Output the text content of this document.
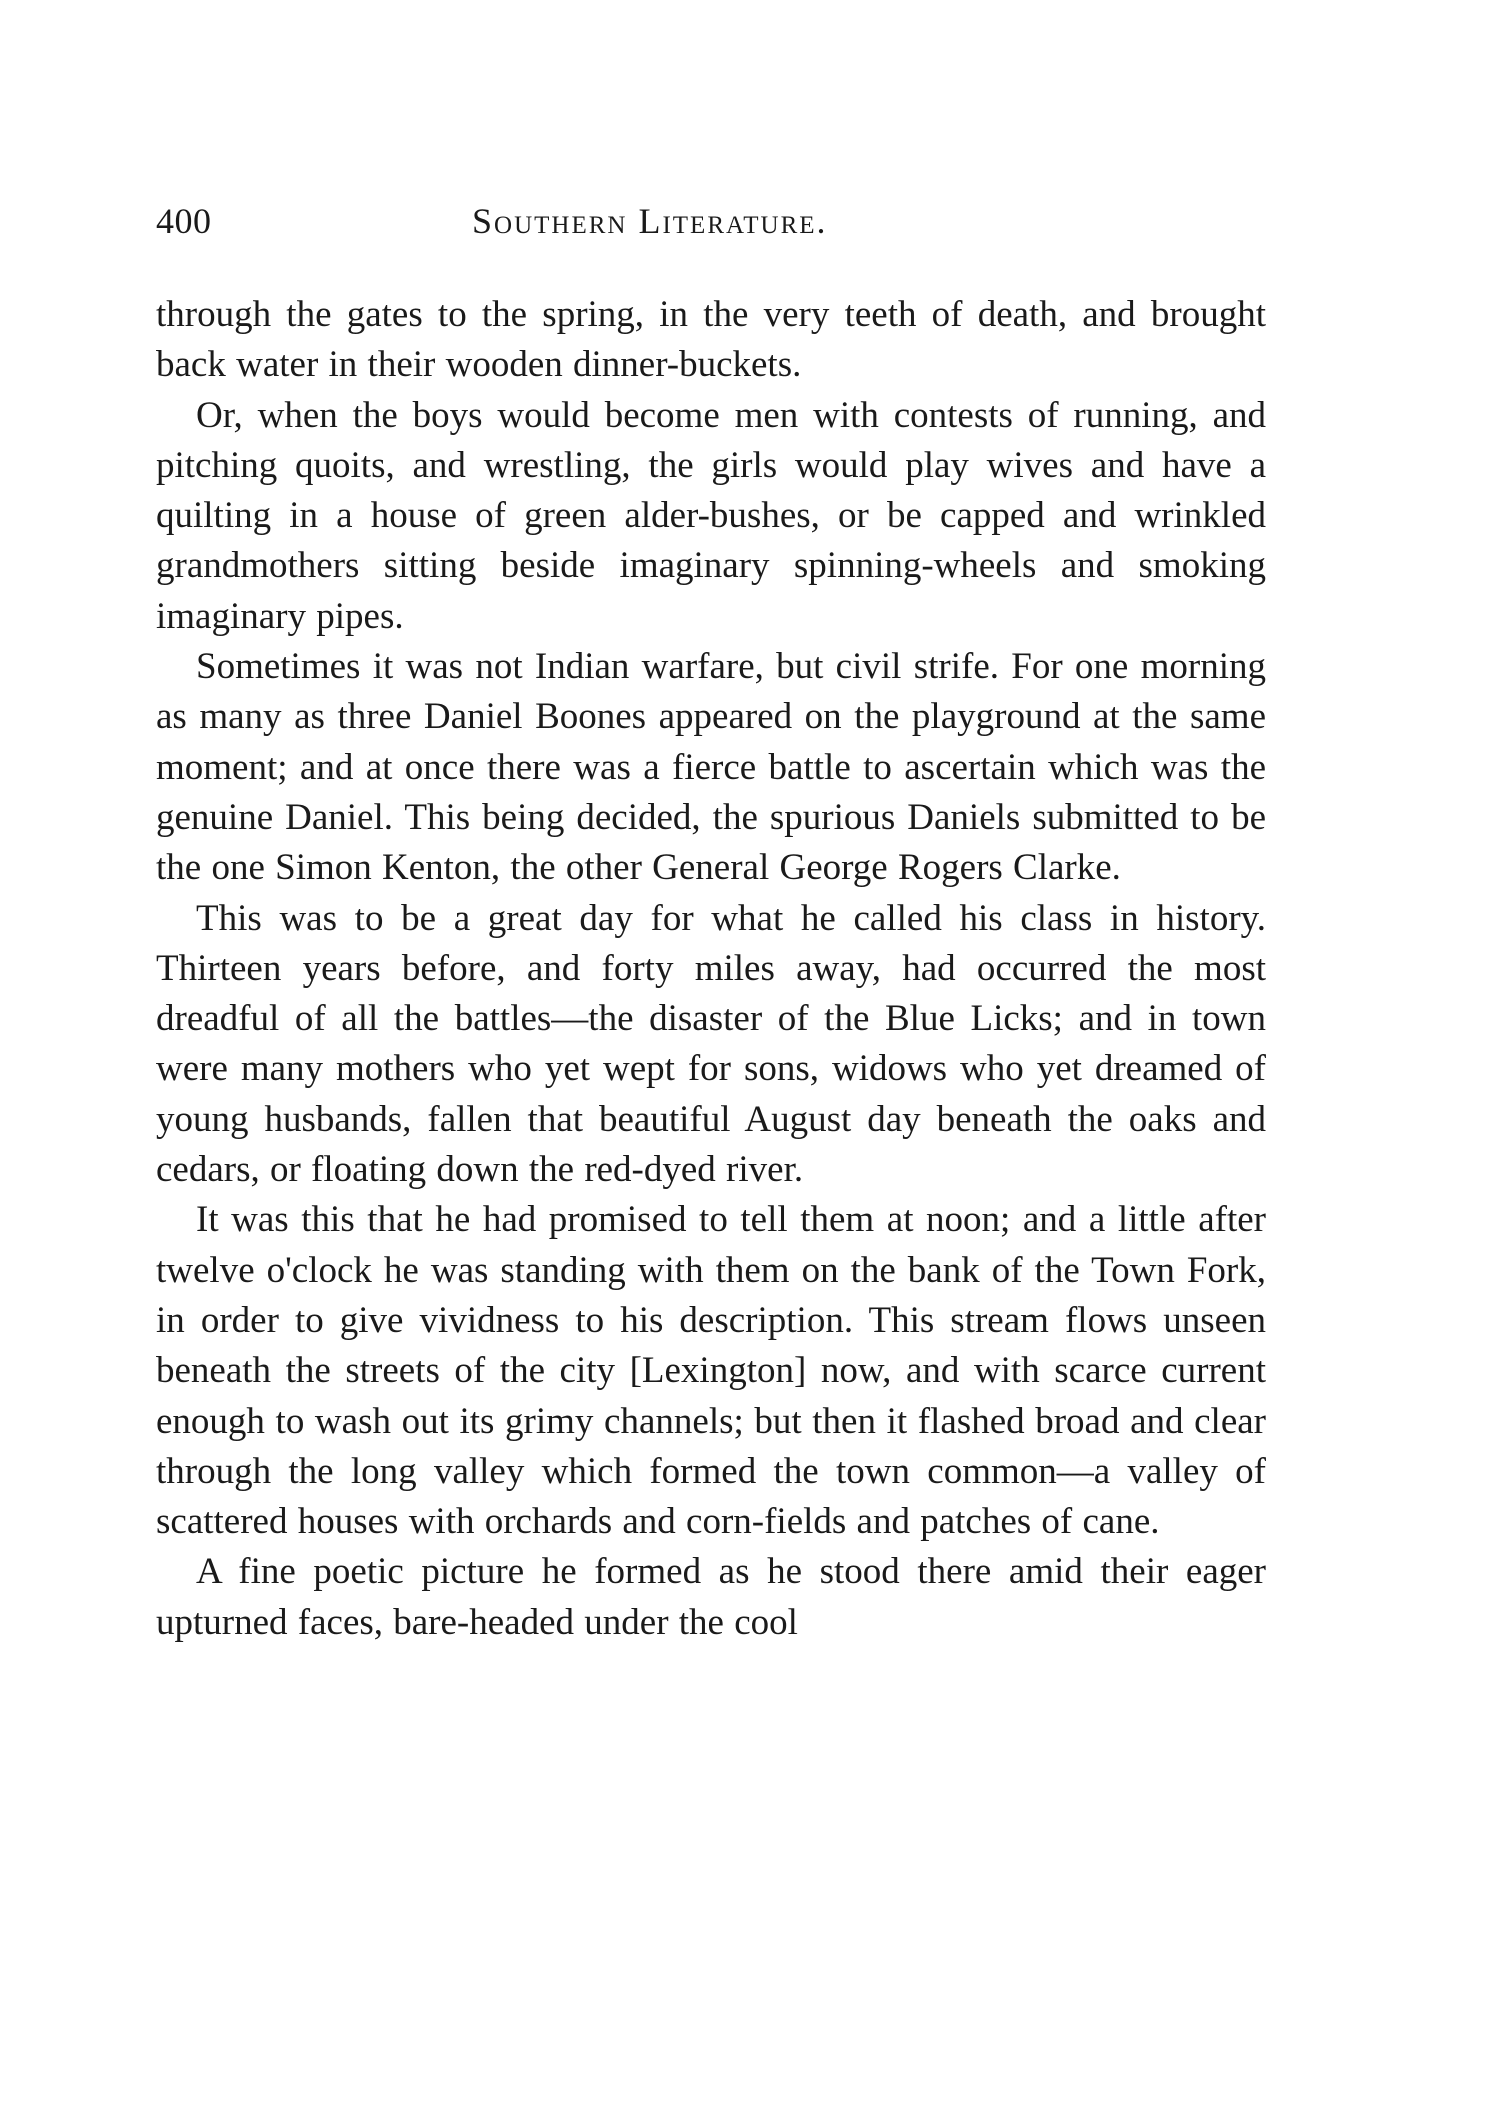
400	Southern Literature.

through the gates to the spring, in the very teeth of death, and brought back water in their wooden dinner-buckets.

Or, when the boys would become men with contests of running, and pitching quoits, and wrestling, the girls would play wives and have a quilting in a house of green alder-bushes, or be capped and wrinkled grandmothers sitting beside imaginary spinning-wheels and smoking imaginary pipes.

Sometimes it was not Indian warfare, but civil strife. For one morning as many as three Daniel Boones appeared on the playground at the same moment; and at once there was a fierce battle to ascertain which was the genuine Daniel. This being decided, the spurious Daniels submitted to be the one Simon Kenton, the other General George Rogers Clarke.

This was to be a great day for what he called his class in history. Thirteen years before, and forty miles away, had occurred the most dreadful of all the battles—the disaster of the Blue Licks; and in town were many mothers who yet wept for sons, widows who yet dreamed of young husbands, fallen that beautiful August day beneath the oaks and cedars, or floating down the red-dyed river.

It was this that he had promised to tell them at noon; and a little after twelve o'clock he was standing with them on the bank of the Town Fork, in order to give vividness to his description. This stream flows unseen beneath the streets of the city [Lexington] now, and with scarce current enough to wash out its grimy channels; but then it flashed broad and clear through the long valley which formed the town common—a valley of scattered houses with orchards and corn-fields and patches of cane.

A fine poetic picture he formed as he stood there amid their eager upturned faces, bare-headed under the cool
